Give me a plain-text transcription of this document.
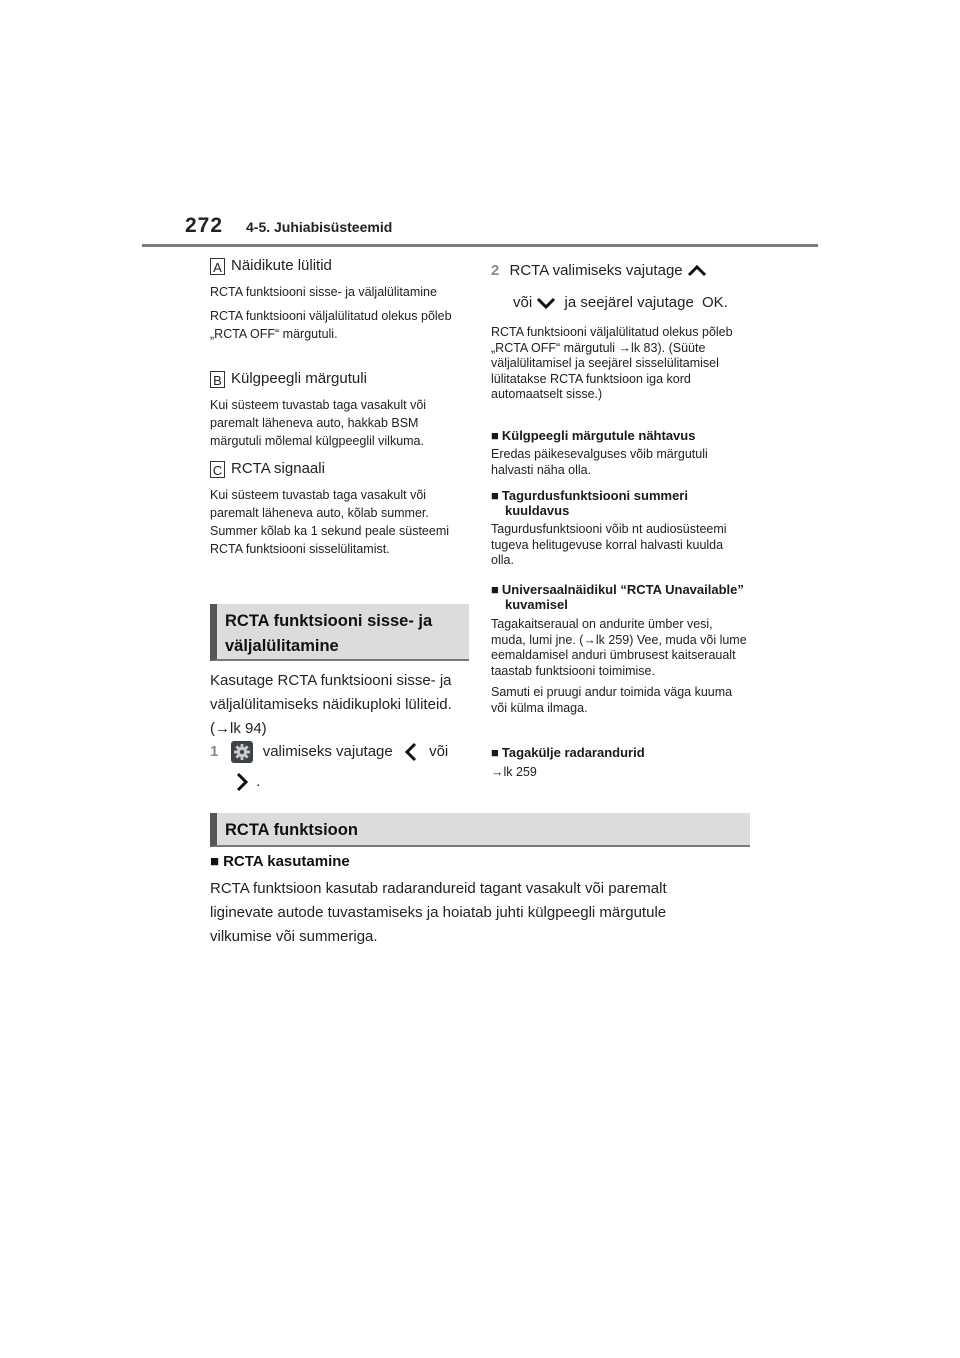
272 4-5. Juhiabisüsteemid
A Näidikute lülitid
RCTA funktsiooni sisse- ja väljalülitamine
RCTA funktsiooni väljalülitatud olekus põleb „RCTA OFF“ märgutuli.
B Külgpeegli märgutuli
Kui süsteem tuvastab taga vasakult või paremalt läheneva auto, hakkab BSM märgutuli mõlemal külgpeeglil vilkuma.
C RCTA signaali
Kui süsteem tuvastab taga vasakult või paremalt läheneva auto, kõlab summer. Summer kõlab ka 1 sekund peale süsteemi RCTA funktsiooni sisselülitamist.
RCTA funktsiooni sisse- ja
väljalülitamine
Kasutage RCTA funktsiooni sisse- ja väljalülitamiseks näidikuploki lüliteid. (→lk 94)
1	valimiseks vajutage või
.
2 RCTA valimiseks vajutage
või ja seejärel vajutage OK.
RCTA funktsiooni väljalülitatud olekus põleb „RCTA OFF“ märgutuli →lk 83). (Süüte väljalülitamisel ja seejärel sisselülitamisel lülitatakse RCTA funktsioon iga kord automaatselt sisse.)
■ Külgpeegli märgutule nähtavus
Eredas päikesevalguses võib märgutuli halvasti näha olla.
■ Tagurdusfunktsiooni summeri kuuldavus
Tagurdusfunktsiooni võib nt audiosüsteemi tugeva helitugevuse korral halvasti kuulda olla.
■ Universaalnäidikul “RCTA Unavailable” kuvamisel
Tagakaitseraual on andurite ümber vesi, muda, lumi jne. (→lk 259) Vee, muda või lume eemaldamisel anduri ümbrusest kaitseraualt taastab funktsiooni toimimise.
Samuti ei pruugi andur toimida väga kuuma või külma ilmaga.
■ Tagakülje radarandurid
→lk 259
RCTA funktsioon
■ RCTA kasutamine
RCTA funktsioon kasutab radarandureid tagant vasakult või paremalt liginevate autode tuvastamiseks ja hoiatab juhti külgpeegli märgutule vilkumise või summeriga.
